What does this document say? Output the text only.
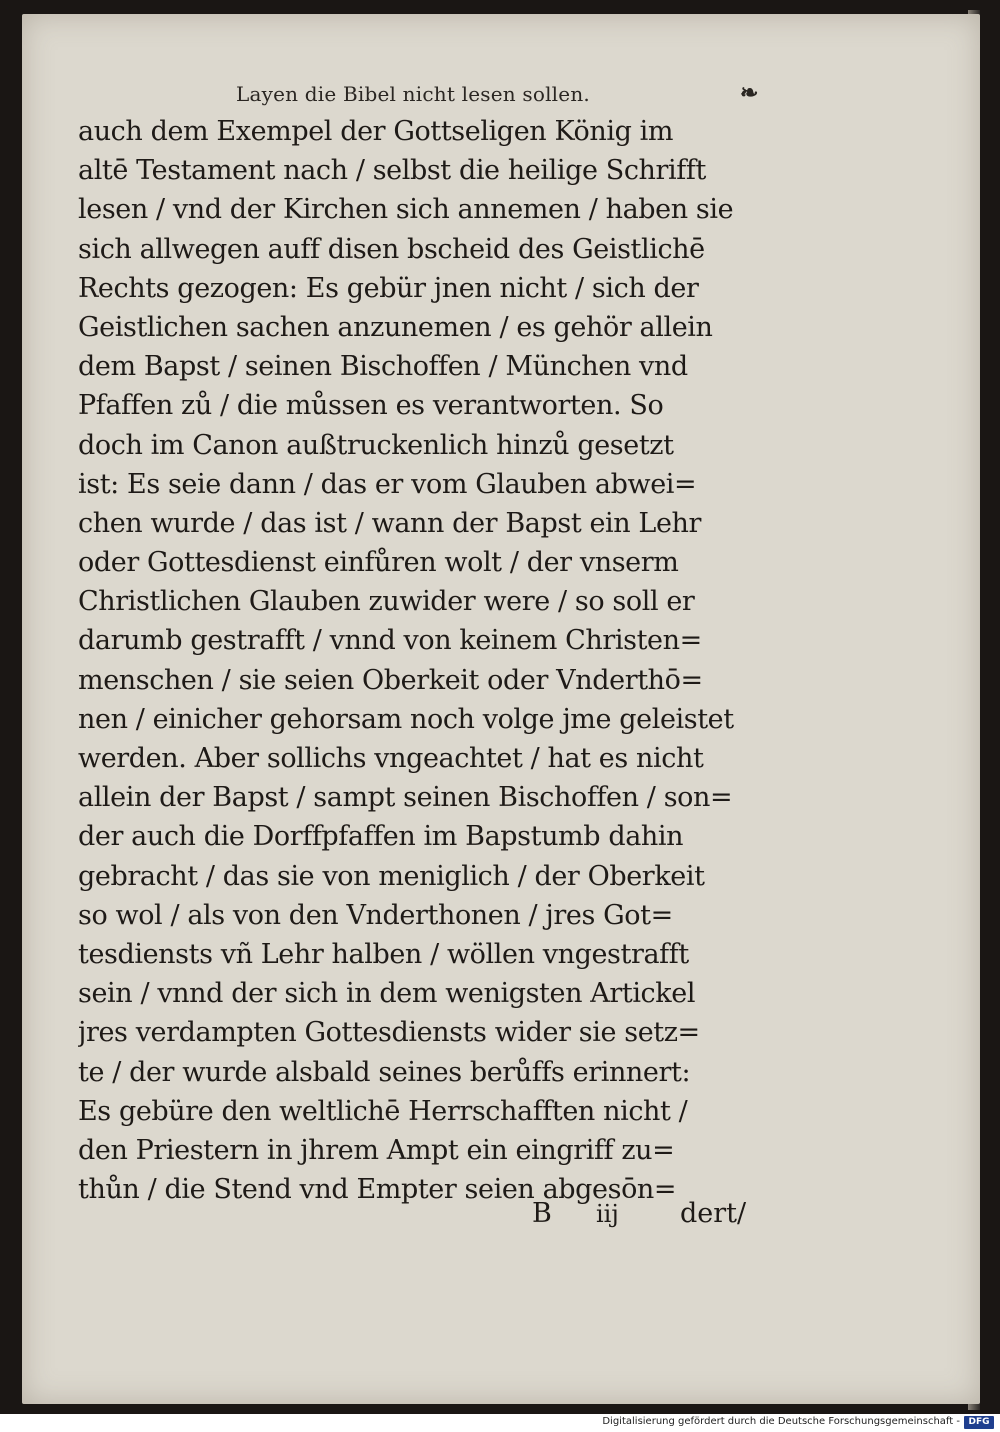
Layen die Bibel nicht lesen sollen.	❧
auch dem Exempel der Gottseligen König im
altē Testament nach / selbst die heilige Schrifft
lesen / vnd der Kirchen sich annemen / haben sie
sich allwegen auff disen bscheid des Geistlichē
Rechts gezogen: Es gebür jnen nicht / sich der
Geistlichen sachen anzunemen / es gehör allein
dem Bapst / seinen Bischoffen / München vnd
Pfaffen zů / die můssen es verantworten. So
doch im Canon außtruckenlich hinzů gesetzt
ist: Es seie dann / das er vom Glauben abwei=
chen wurde / das ist / wann der Bapst ein Lehr
oder Gottesdienst einfůren wolt / der vnserm
Christlichen Glauben zuwider were / so soll er
darumb gestrafft / vnnd von keinem Christen=
menschen / sie seien Oberkeit oder Vnderthō=
nen / einicher gehorsam noch volge jme geleistet
werden. Aber sollichs vngeachtet / hat es nicht
allein der Bapst / sampt seinen Bischoffen / son=
der auch die Dorffpfaffen im Bapstumb dahin
gebracht / das sie von meniglich / der Oberkeit
so wol / als von den Vnderthonen / jres Got=
tesdiensts vñ Lehr halben / wöllen vngestrafft
sein / vnnd der sich in dem wenigsten Artickel
jres verdampten Gottesdiensts wider sie setz=
te / der wurde alsbald seines berůffs erinnert:
Es gebüre den weltlichē Herrschafften nicht /
den Priestern in jhrem Ampt ein eingriff zu=
thůn / die Stend vnd Empter seien abgesōn=
B iij dert/
Digitalisierung gefördert durch die Deutsche Forschungsgemeinschaft - DFG
